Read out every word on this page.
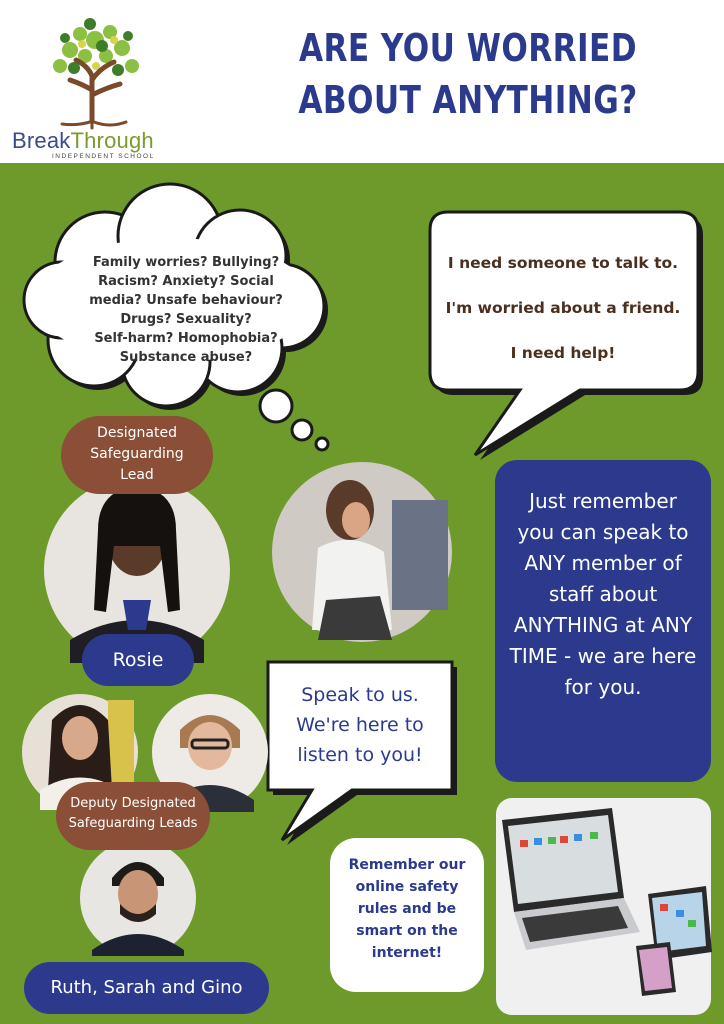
BreakThrough
INDEPENDENT SCHOOL
ARE YOU WORRIED
ABOUT ANYTHING?
Family worries? Bullying?
Racism? Anxiety? Social
media? Unsafe behaviour?
Drugs? Sexuality?
Self-harm? Homophobia?
Substance abuse?
I need someone to talk to.
I'm worried about a friend.
I need help!
Designated
Safeguarding
Lead
Rosie
Deputy Designated
Safeguarding Leads
Ruth, Sarah and Gino
Just remember you can speak to ANY member of staff about ANYTHING at ANY TIME - we are here for you.
Speak to us.
We're here to
listen to you!
Remember our
online safety
rules and be
smart on the
internet!
